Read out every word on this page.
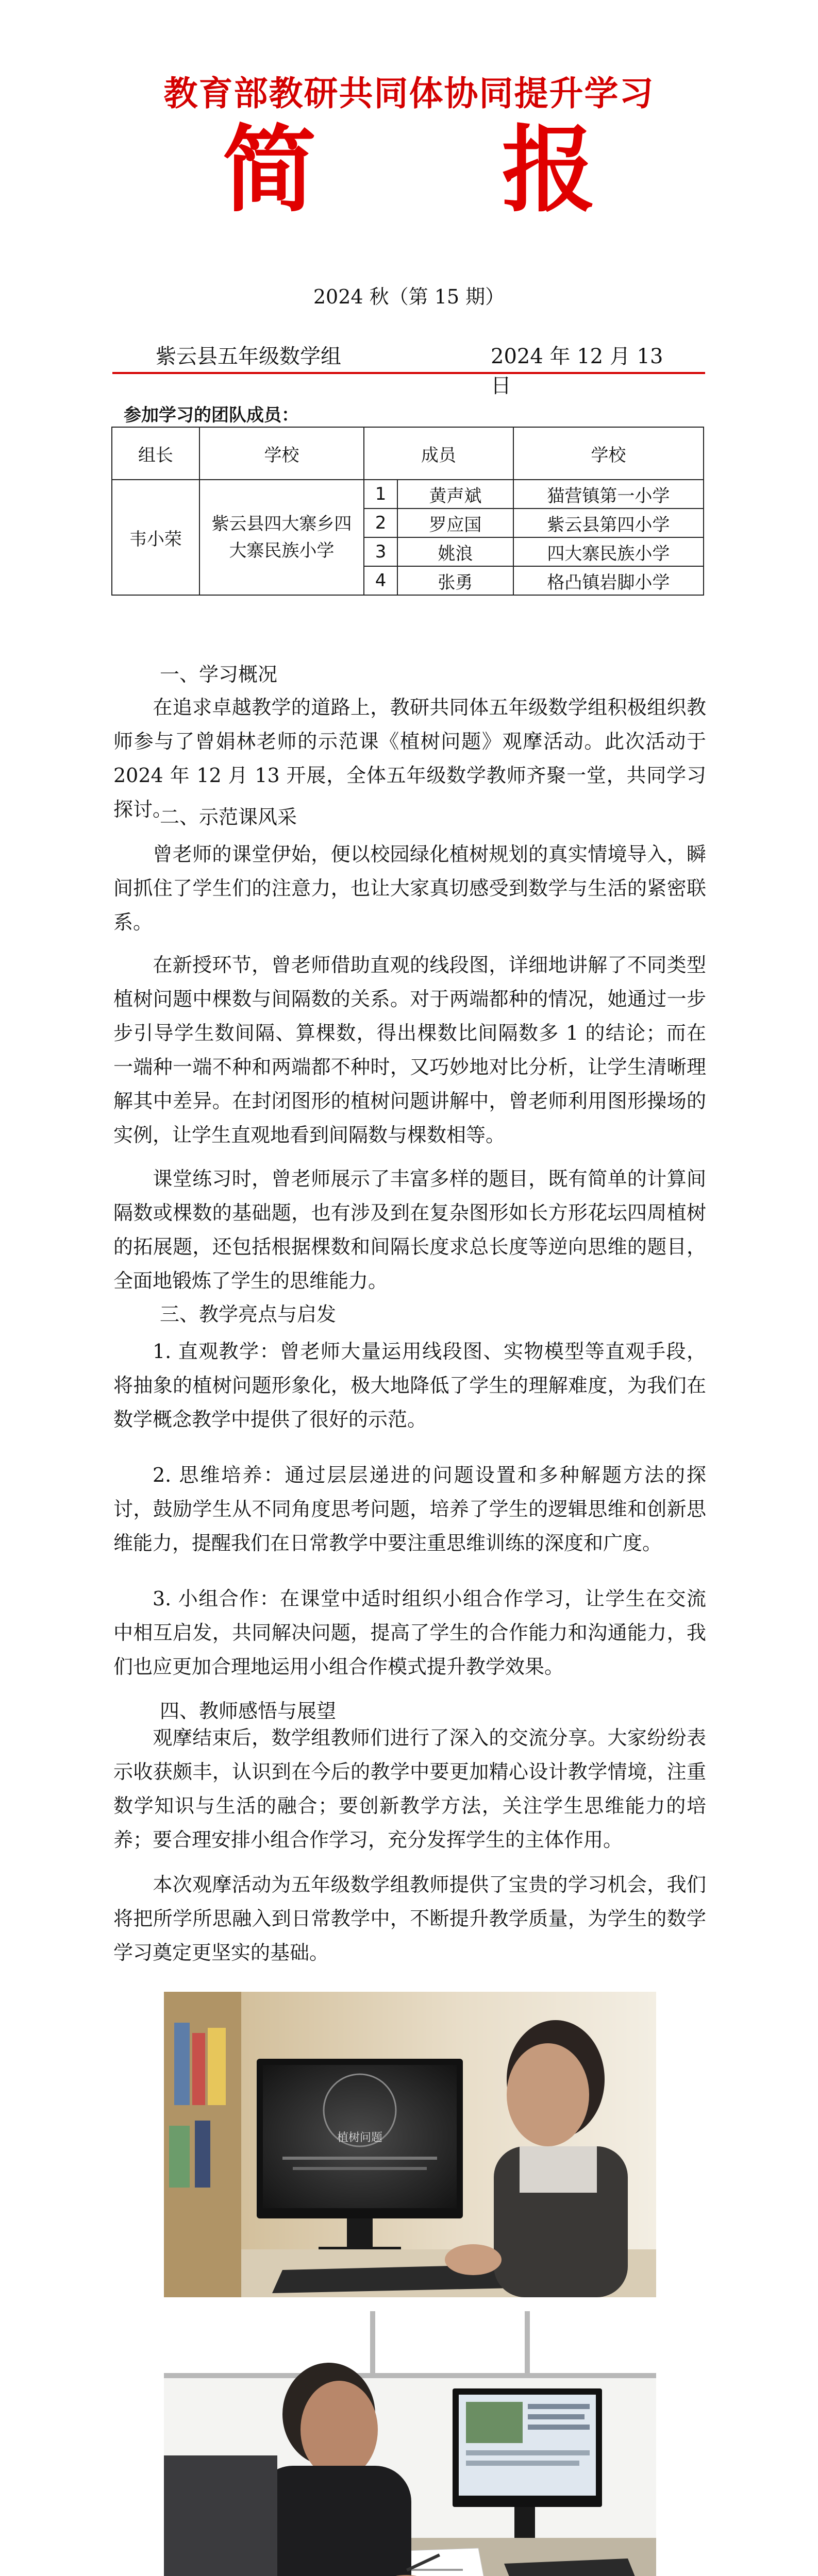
教育部教研共同体协同提升学习
简报
2024 秋（第 15 期）
紫云县五年级数学组	2024 年 12 月 13 日
参加学习的团队成员：
组长	学校	成员		学校
韦小荣	紫云县四大寨乡四大寨民族小学	1	黄声斌	猫营镇第一小学
		2	罗应国	紫云县第四小学
		3	姚浪	四大寨民族小学
		4	张勇	格凸镇岩脚小学
一、学习概况
在追求卓越教学的道路上，教研共同体五年级数学组积极组织教师参与了曾娟林老师的示范课《植树问题》观摩活动。此次活动于 2024 年 12 月 13 开展，全体五年级数学教师齐聚一堂，共同学习探讨。
二、示范课风采
曾老师的课堂伊始，便以校园绿化植树规划的真实情境导入，瞬间抓住了学生们的注意力，也让大家真切感受到数学与生活的紧密联系。
在新授环节，曾老师借助直观的线段图，详细地讲解了不同类型植树问题中棵数与间隔数的关系。对于两端都种的情况，她通过一步步引导学生数间隔、算棵数，得出棵数比间隔数多 1 的结论；而在一端种一端不种和两端都不种时，又巧妙地对比分析，让学生清晰理解其中差异。在封闭图形的植树问题讲解中，曾老师利用图形操场的实例，让学生直观地看到间隔数与棵数相等。
课堂练习时，曾老师展示了丰富多样的题目，既有简单的计算间隔数或棵数的基础题，也有涉及到在复杂图形如长方形花坛四周植树的拓展题，还包括根据棵数和间隔长度求总长度等逆向思维的题目，全面地锻炼了学生的思维能力。
三、教学亮点与启发
1. 直观教学：曾老师大量运用线段图、实物模型等直观手段，将抽象的植树问题形象化，极大地降低了学生的理解难度，为我们在数学概念教学中提供了很好的示范。
2. 思维培养：通过层层递进的问题设置和多种解题方法的探讨，鼓励学生从不同角度思考问题，培养了学生的逻辑思维和创新思维能力，提醒我们在日常教学中要注重思维训练的深度和广度。
3. 小组合作：在课堂中适时组织小组合作学习，让学生在交流中相互启发，共同解决问题，提高了学生的合作能力和沟通能力，我们也应更加合理地运用小组合作模式提升教学效果。
四、教师感悟与展望
观摩结束后，数学组教师们进行了深入的交流分享。大家纷纷表示收获颇丰，认识到在今后的教学中要更加精心设计教学情境，注重数学知识与生活的融合；要创新教学方法，关注学生思维能力的培养；要合理安排小组合作学习，充分发挥学生的主体作用。
本次观摩活动为五年级数学组教师提供了宝贵的学习机会，我们将把所学所思融入到日常教学中，不断提升教学质量，为学生的数学学习奠定更坚实的基础。
植树问题
